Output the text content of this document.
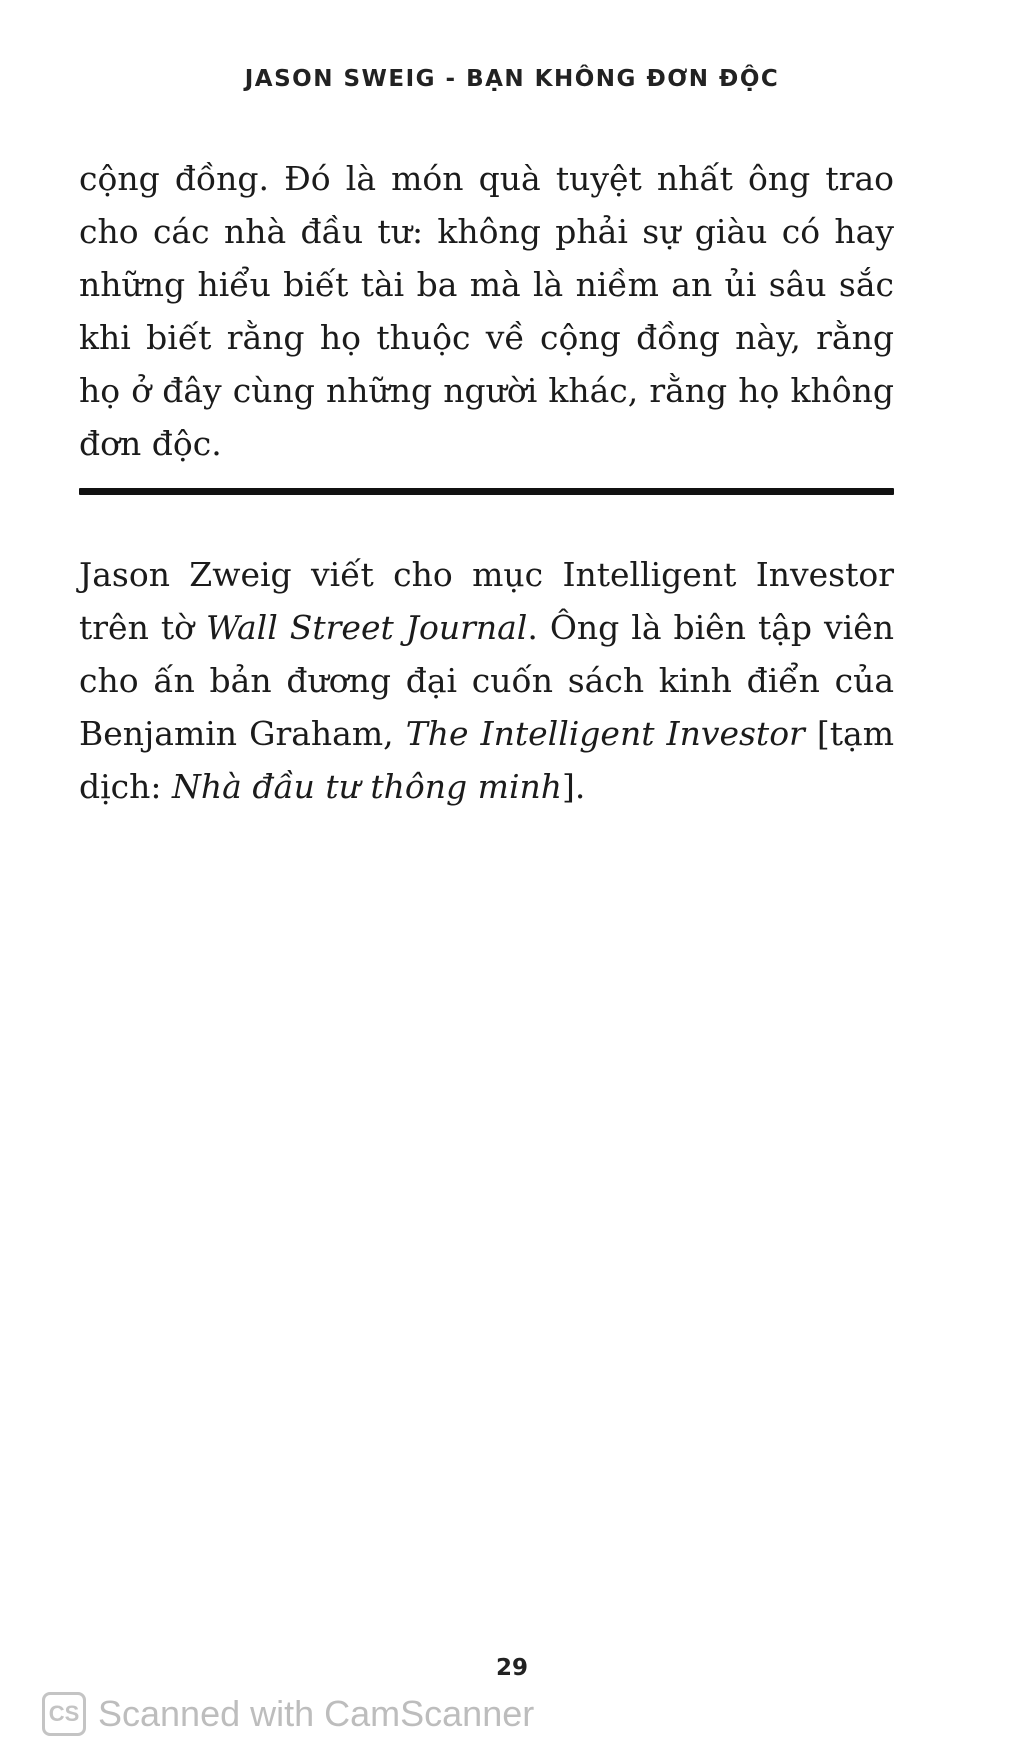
JASON SWEIG - BẠN KHÔNG ĐƠN ĐỘC
cộng đồng. Đó là món quà tuyệt nhất ông trao cho các nhà đầu tư: không phải sự giàu có hay những hiểu biết tài ba mà là niềm an ủi sâu sắc khi biết rằng họ thuộc về cộng đồng này, rằng họ ở đây cùng những người khác, rằng họ không đơn độc.

Jason Zweig viết cho mục Intelligent Investor trên tờ Wall Street Journal. Ông là biên tập viên cho ấn bản đương đại cuốn sách kinh điển của Benjamin Graham, The Intelligent Investor [tạm dịch: Nhà đầu tư thông minh].

29
CS Scanned with CamScanner
